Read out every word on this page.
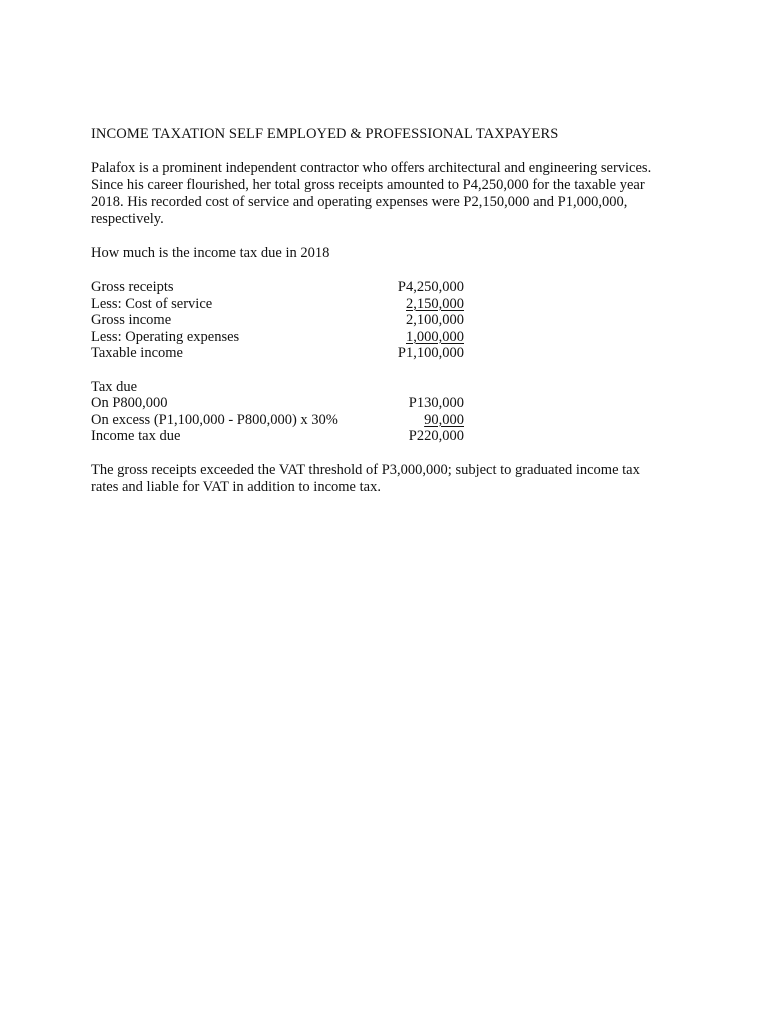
INCOME TAXATION SELF EMPLOYED & PROFESSIONAL TAXPAYERS

Palafox is a prominent independent contractor who offers architectural and engineering services.
Since his career flourished, her total gross receipts amounted to P4,250,000 for the taxable year
2018. His recorded cost of service and operating expenses were P2,150,000 and P1,000,000,
respectively.

How much is the income tax due in 2018

Gross receipts	P4,250,000
Less: Cost of service	2,150,000
Gross income	2,100,000
Less: Operating expenses	1,000,000
Taxable income	P1,100,000
Tax due
On P800,000	P130,000
On excess (P1,100,000 - P800,000) x 30%	90,000
Income tax due	P220,000

The gross receipts exceeded the VAT threshold of P3,000,000; subject to graduated income tax
rates and liable for VAT in addition to income tax.
